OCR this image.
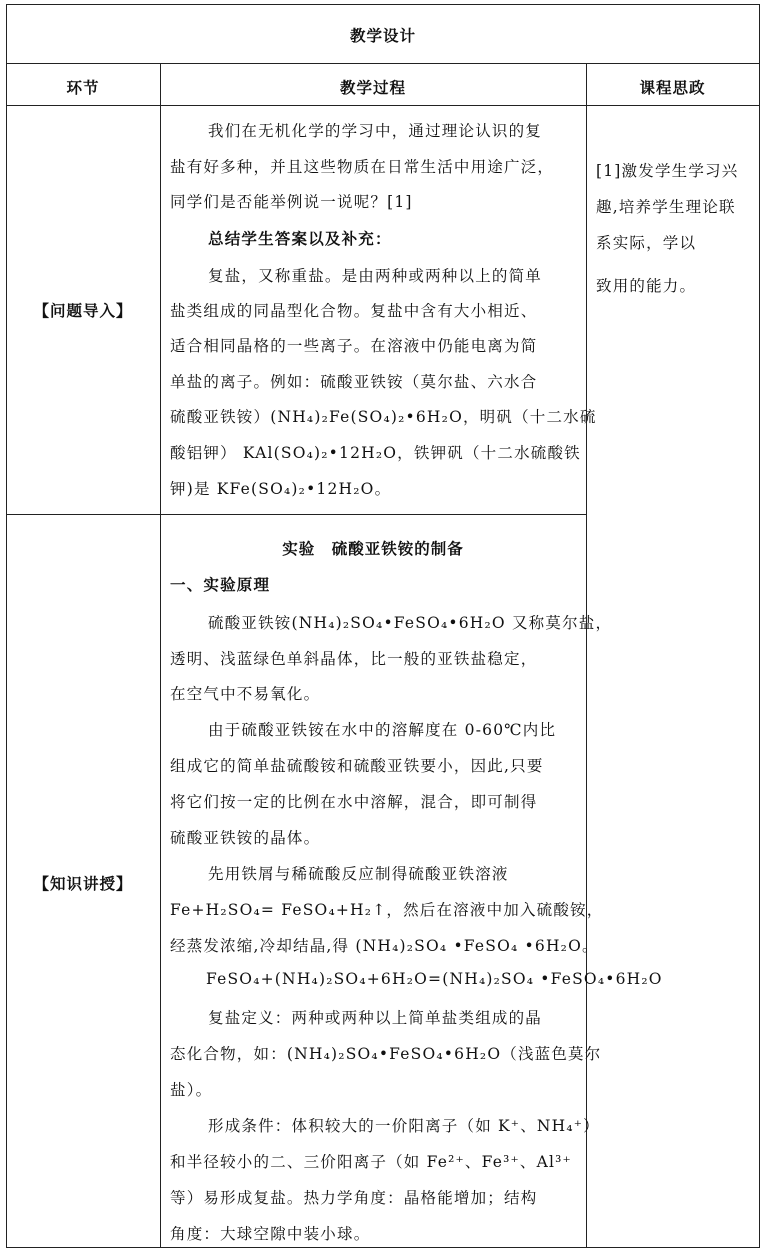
教学设计
环节	教学过程	课程思政
【问题导入】
我们在无机化学的学习中，通过理论认识的复
盐有好多种，并且这些物质在日常生活中用途广泛，
同学们是否能举例说一说呢？[1]
总结学生答案以及补充：
复盐，又称重盐。是由两种或两种以上的简单
盐类组成的同晶型化合物。复盐中含有大小相近、
适合相同晶格的一些离子。在溶液中仍能电离为简
单盐的离子。例如：硫酸亚铁铵（莫尔盐、六水合
硫酸亚铁铵）(NH₄)₂Fe(SO₄)₂•6H₂O，明矾（十二水硫
酸铝钾） KAl(SO₄)₂•12H₂O，铁钾矾（十二水硫酸铁
钾)是 KFe(SO₄)₂•12H₂O。
[1]激发学生学习兴
趣,培养学生理论联
系实际，学以
致用的能力。
【知识讲授】
实验　硫酸亚铁铵的制备
一、实验原理
硫酸亚铁铵(NH₄)₂SO₄•FeSO₄•6H₂O 又称莫尔盐，
透明、浅蓝绿色单斜晶体，比一般的亚铁盐稳定，
在空气中不易氧化。
由于硫酸亚铁铵在水中的溶解度在 0-60℃内比
组成它的简单盐硫酸铵和硫酸亚铁要小，因此,只要
将它们按一定的比例在水中溶解，混合，即可制得
硫酸亚铁铵的晶体。
先用铁屑与稀硫酸反应制得硫酸亚铁溶液
Fe+H₂SO₄= FeSO₄+H₂↑，然后在溶液中加入硫酸铵，
经蒸发浓缩,冷却结晶,得 (NH₄)₂SO₄ •FeSO₄ •6H₂O。
FeSO₄+(NH₄)₂SO₄+6H₂O=(NH₄)₂SO₄ •FeSO₄•6H₂O
复盐定义：两种或两种以上简单盐类组成的晶
态化合物，如：(NH₄)₂SO₄•FeSO₄•6H₂O（浅蓝色莫尔
盐）。
形成条件：体积较大的一价阳离子（如 K⁺、NH₄⁺）
和半径较小的二、三价阳离子（如 Fe²⁺、Fe³⁺、Al³⁺
等）易形成复盐。热力学角度：晶格能增加；结构
角度：大球空隙中装小球。
